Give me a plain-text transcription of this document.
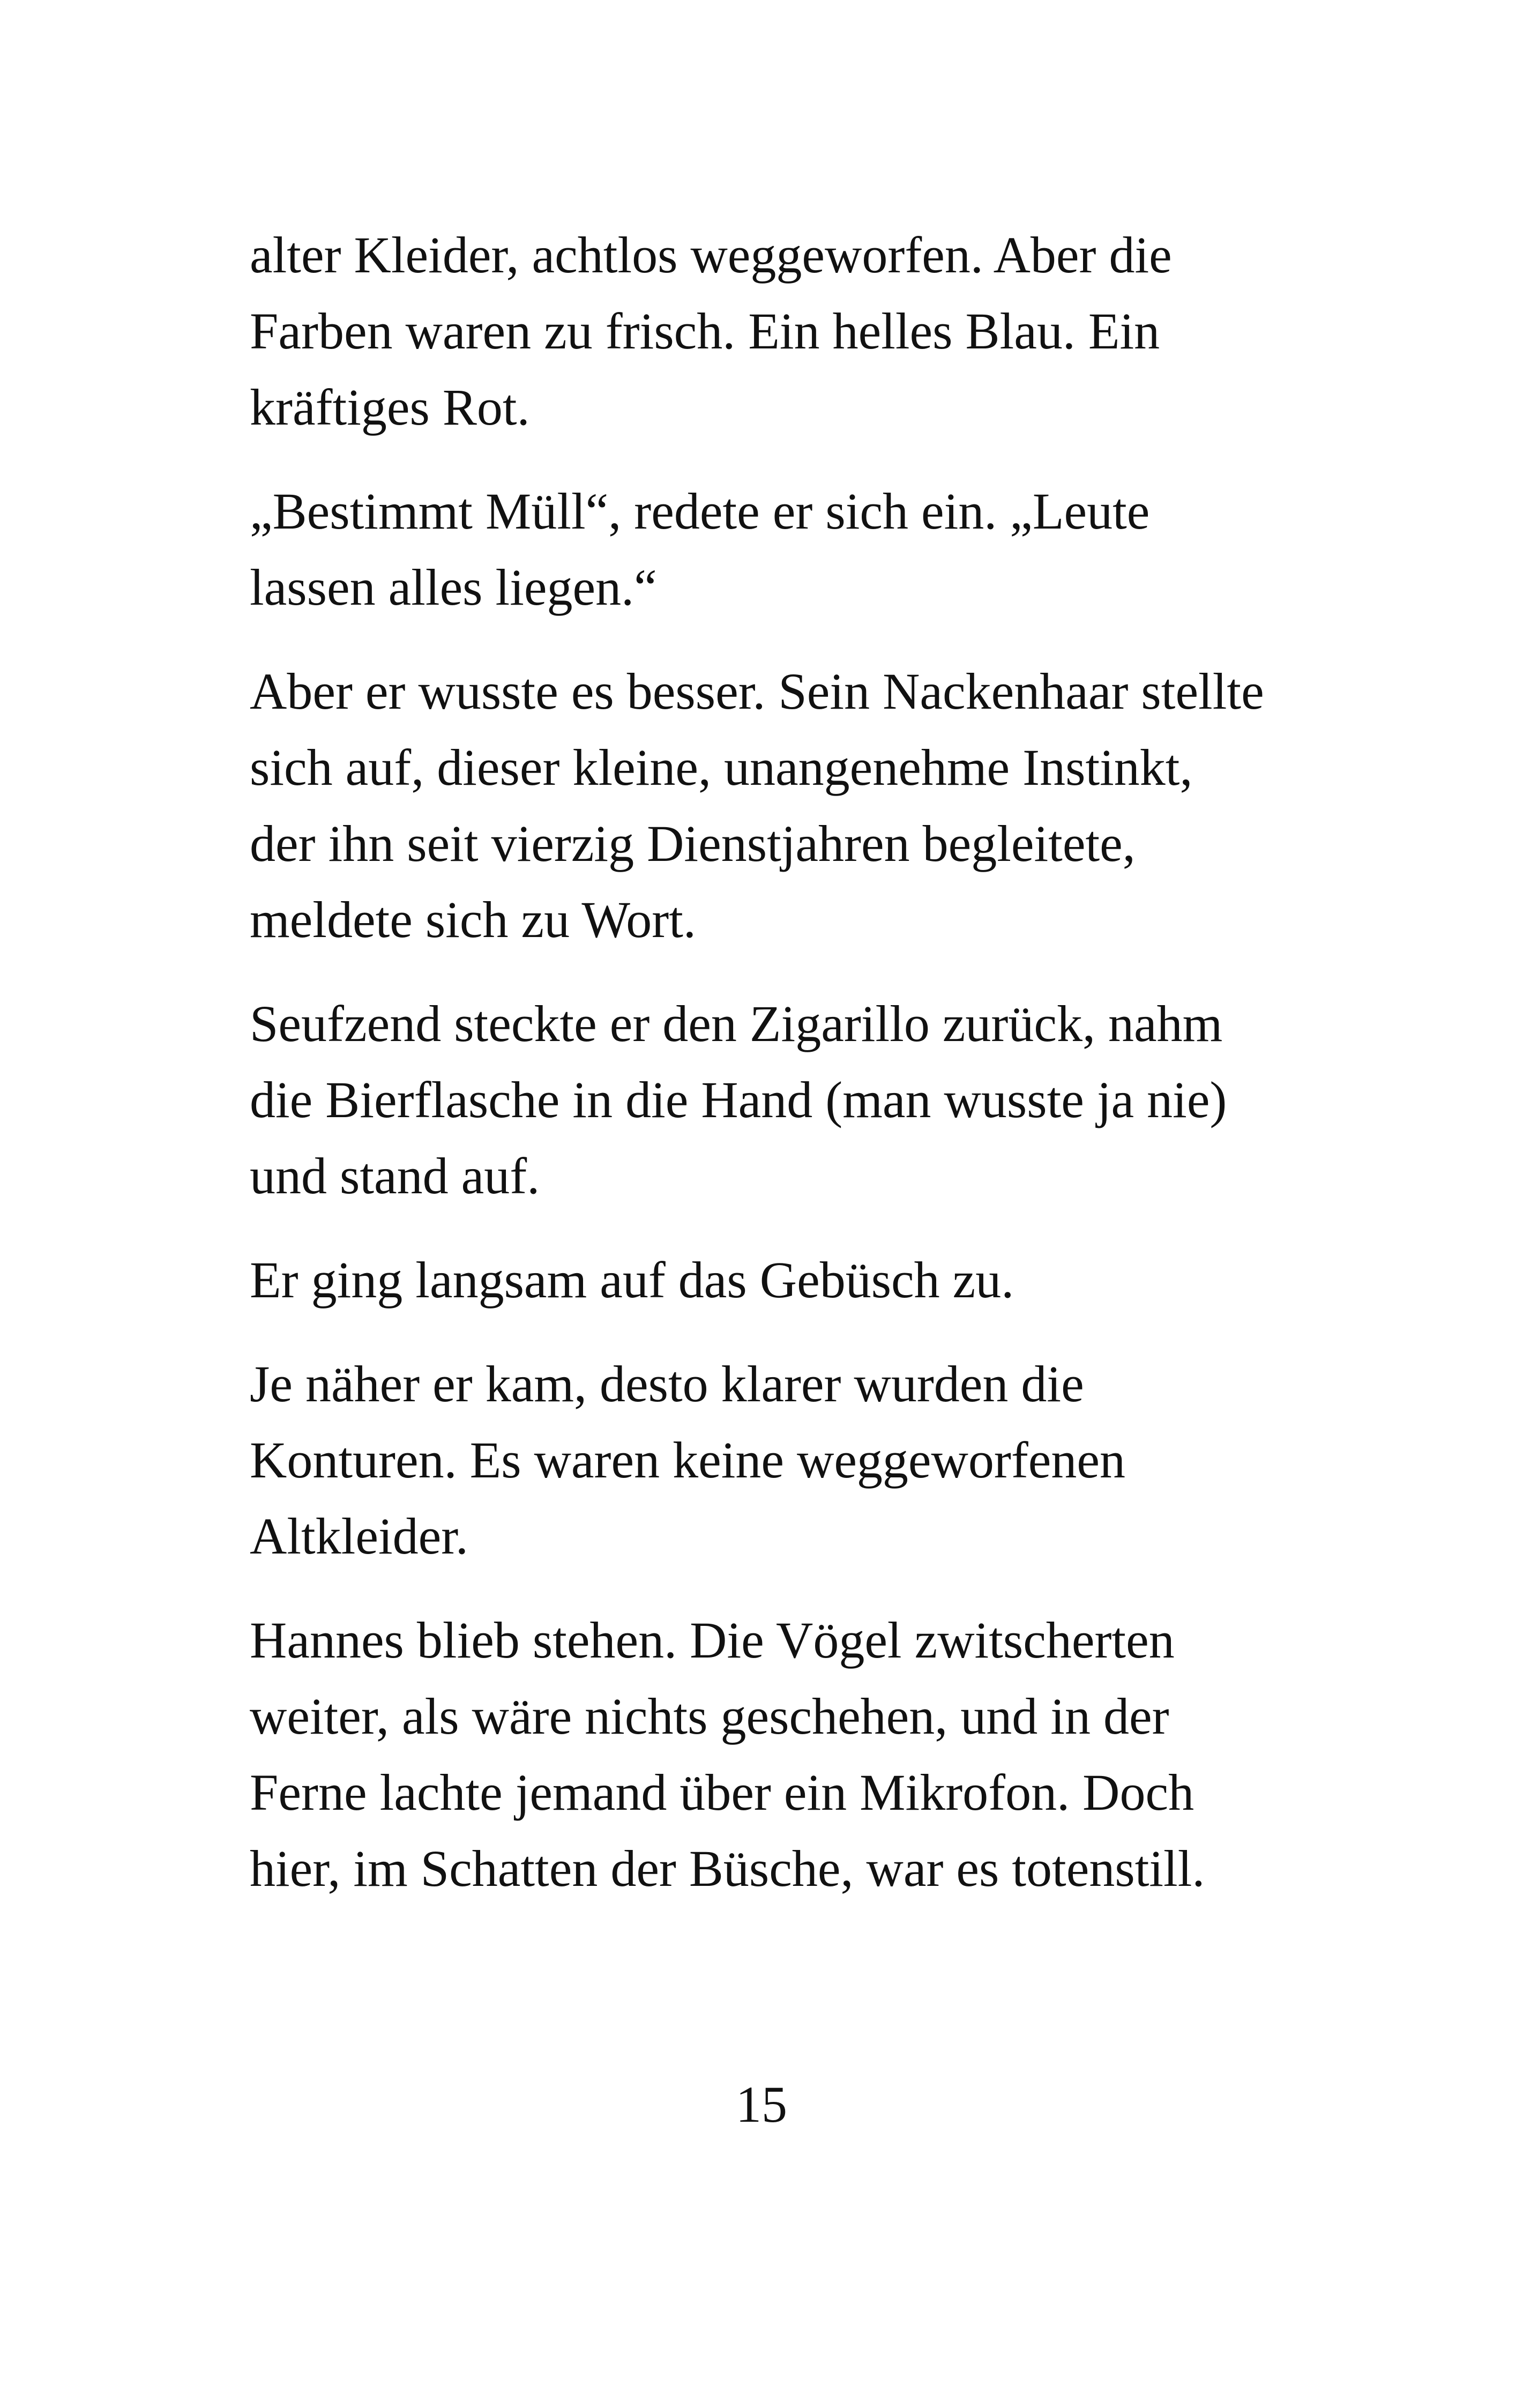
alter Kleider, achtlos weggeworfen. Aber die
Farben waren zu frisch. Ein helles Blau. Ein
kräftiges Rot.

„Bestimmt Müll“, redete er sich ein. „Leute
lassen alles liegen.“

Aber er wusste es besser. Sein Nackenhaar stellte
sich auf, dieser kleine, unangenehme Instinkt,
der ihn seit vierzig Dienstjahren begleitete,
meldete sich zu Wort.

Seufzend steckte er den Zigarillo zurück, nahm
die Bierflasche in die Hand (man wusste ja nie)
und stand auf.

Er ging langsam auf das Gebüsch zu.

Je näher er kam, desto klarer wurden die
Konturen. Es waren keine weggeworfenen
Altkleider.

Hannes blieb stehen. Die Vögel zwitscherten
weiter, als wäre nichts geschehen, und in der
Ferne lachte jemand über ein Mikrofon. Doch
hier, im Schatten der Büsche, war es totenstill.

15
